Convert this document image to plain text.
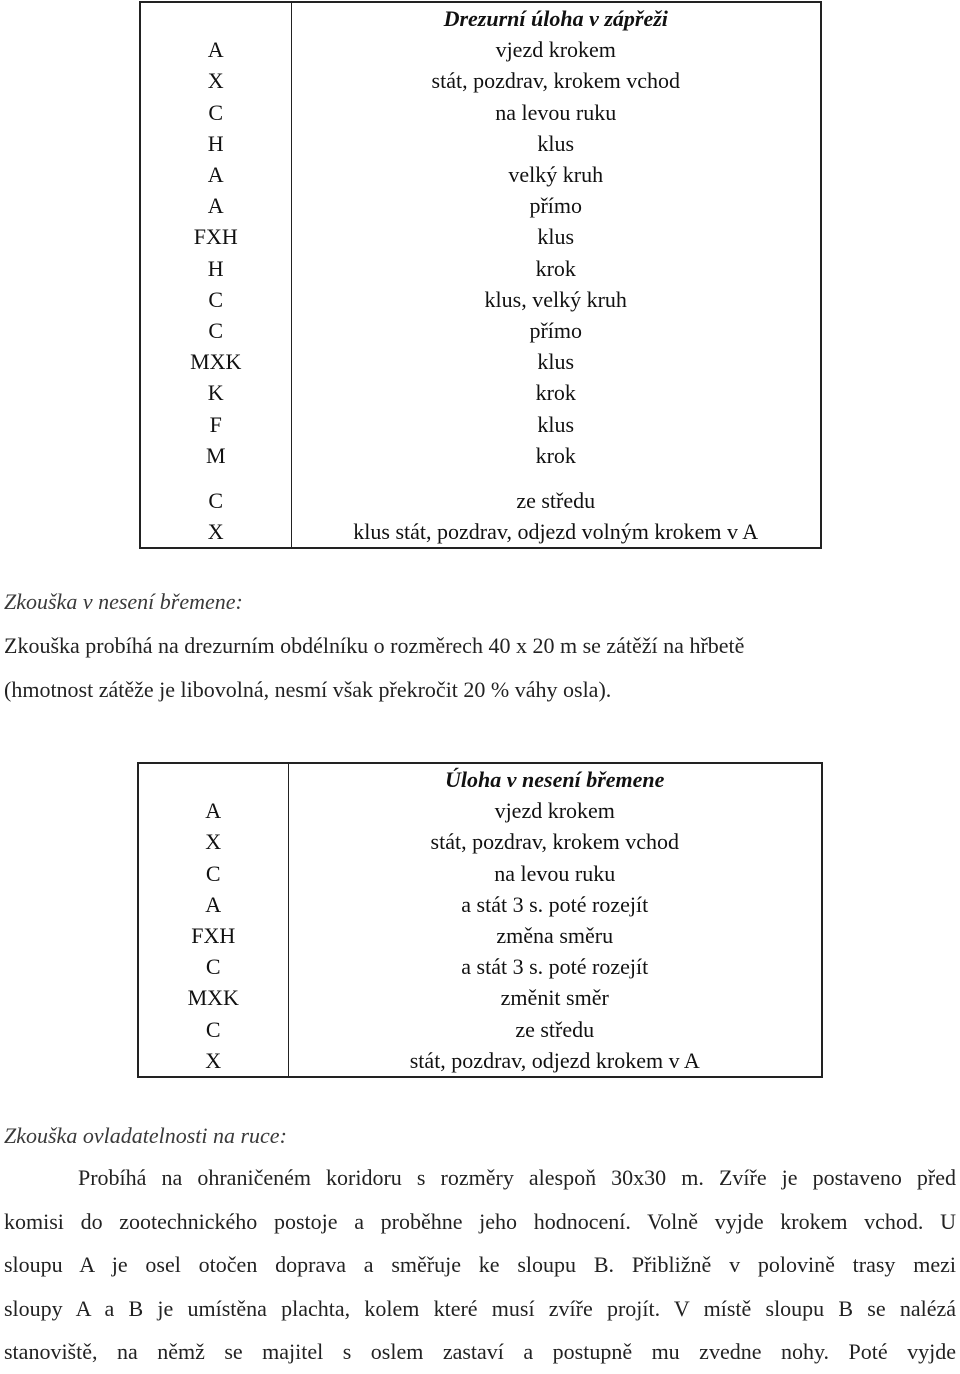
	Drezurní úloha v zápřeži
A	vjezd krokem
X	stát, pozdrav, krokem vchod
C	na levou ruku
H	klus
A	velký kruh
A	přímo
FXH	klus
H	krok
C	klus, velký kruh
C	přímo
MXK	klus
K	krok
F	klus
M	krok

C	ze středu
X	klus stát, pozdrav, odjezd volným krokem v A
Zkouška v nesení břemene:
Zkouška probíhá na drezurním obdélníku o rozměrech 40 x 20 m se zátěží na hřbetě
(hmotnost zátěže je libovolná, nesmí však překročit 20 % váhy osla).
	Úloha v nesení břemene
A	vjezd krokem
X	stát, pozdrav, krokem vchod
C	na levou ruku
A	a stát 3 s. poté rozejít
FXH	změna směru
C	a stát 3 s. poté rozejít
MXK	změnit směr
C	ze středu
X	stát, pozdrav, odjezd krokem v A
Zkouška ovladatelnosti na ruce:

Probíhá na ohraničeném koridoru s rozměry alespoň 30x30 m. Zvíře je postaveno před

komisi do zootechnického postoje a proběhne jeho hodnocení. Volně vyjde krokem vchod. U

sloupu A je osel otočen doprava a směřuje ke sloupu B. Přibližně v polovině trasy mezi

sloupy A a B je umístěna plachta, kolem které musí zvíře projít. V místě sloupu B se nalézá

stanoviště, na němž se majitel s oslem zastaví a postupně mu zvedne nohy. Poté vyjde
